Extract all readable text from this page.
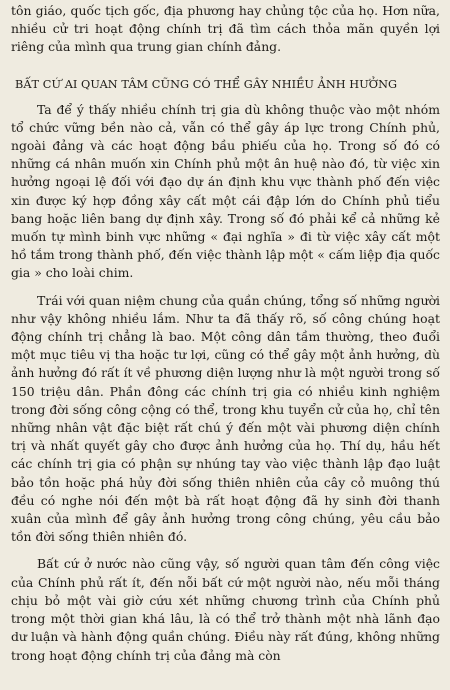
tôn giáo, quốc tịch gốc, địa phương hay chủng tộc của họ. Hơn nữa, nhiều cử tri hoạt động chính trị đã tìm cách thỏa mãn quyền lợi riêng của mình qua trung gian chính đảng.

BẤT CỨ AI QUAN TÂM CŨNG CÓ THỂ GÂY NHIỀU ẢNH HƯỞNG

Ta để ý thấy nhiều chính trị gia dù không thuộc vào một nhóm tổ chức vững bền nào cả, vẫn có thể gây áp lực trong Chính phủ, ngoài đảng và các hoạt động bầu phiếu của họ. Trong số đó có những cá nhân muốn xin Chính phủ một ân huệ nào đó, từ việc xin hưởng ngoại lệ đối với đạo dự án định khu vực thành phố đến việc xin được ký hợp đồng xây cất một cái đập lớn do Chính phủ tiểu bang hoặc liên bang dự định xây. Trong số đó phải kể cả những kẻ muốn tự mình binh vực những « đại nghĩa » đi từ việc xây cất một hồ tắm trong thành phố, đến việc thành lập một « cấm liệp địa quốc gia » cho loài chim.

Trái với quan niệm chung của quần chúng, tổng số những người như vậy không nhiều lắm. Như ta đã thấy rõ, số công chúng hoạt động chính trị chẳng là bao. Một công dân tầm thường, theo đuổi một mục tiêu vị tha hoặc tư lợi, cũng có thể gây một ảnh hưởng, dù ảnh hưởng đó rất ít về phương diện lượng như là một người trong số 150 triệu dân. Phần đông các chính trị gia có nhiều kinh nghiệm trong đời sống công cộng có thể, trong khu tuyển cử của họ, chỉ tên những nhân vật đặc biệt rất chú ý đến một vài phương diện chính trị và nhất quyết gây cho được ảnh hưởng của họ. Thí dụ, hầu hết các chính trị gia có phận sự nhúng tay vào việc thành lập đạo luật bảo tồn hoặc phá hủy đời sống thiên nhiên của cây cỏ muông thú đều có nghe nói đến một bà rất hoạt động đã hy sinh đời thanh xuân của mình để gây ảnh hưởng trong công chúng, yêu cầu bảo tồn đời sống thiên nhiên đó.

Bất cứ ở nước nào cũng vậy, số người quan tâm đến công việc của Chính phủ rất ít, đến nỗi bất cứ một người nào, nếu mỗi tháng chịu bỏ một vài giờ cứu xét những chương trình của Chính phủ trong một thời gian khá lâu, là có thể trở thành một nhà lãnh đạo dư luận và hành động quần chúng. Điều này rất đúng, không những trong hoạt động chính trị của đảng mà còn
